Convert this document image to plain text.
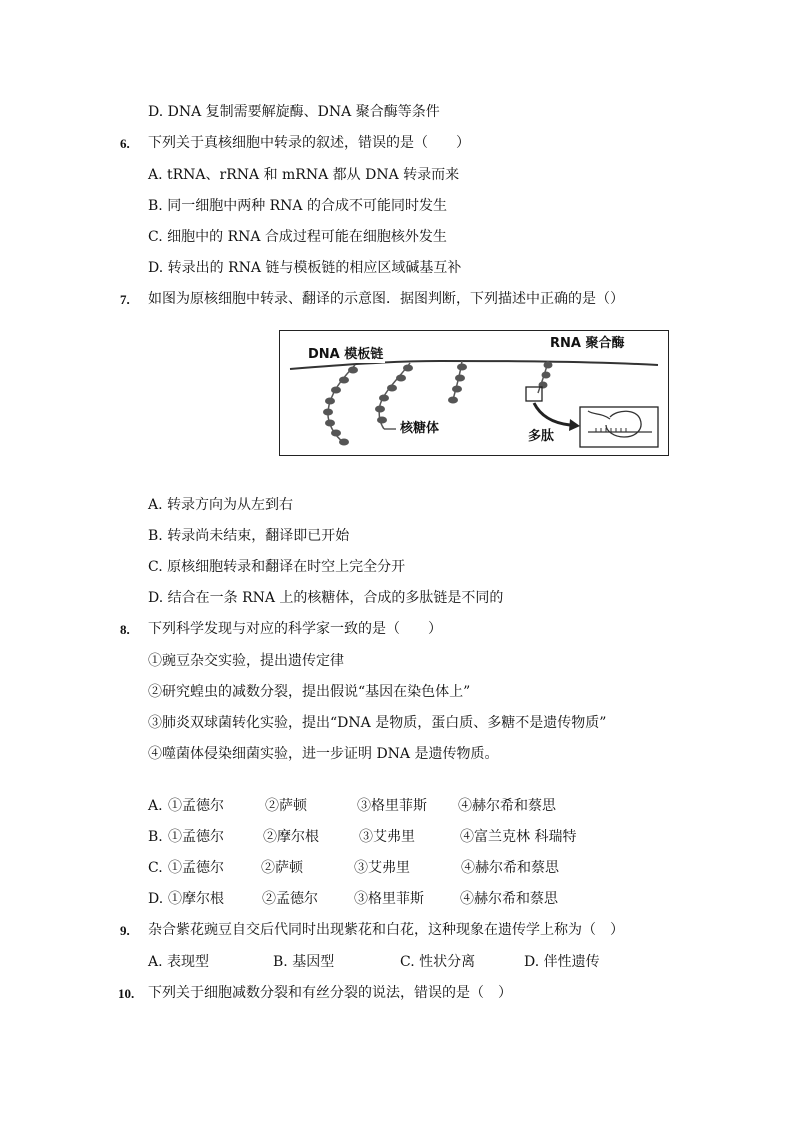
D. DNA 复制需要解旋酶、DNA 聚合酶等条件
6. 下列关于真核细胞中转录的叙述，错误的是（　　）
A. tRNA、rRNA 和 mRNA 都从 DNA 转录而来
B. 同一细胞中两种 RNA 的合成不可能同时发生
C. 细胞中的 RNA 合成过程可能在细胞核外发生
D. 转录出的 RNA 链与模板链的相应区域碱基互补
7. 如图为原核细胞中转录、翻译的示意图．据图判断，下列描述中正确的是（）
DNA 模板链
RNA 聚合酶
核糖体
多肽
A. 转录方向为从左到右
B. 转录尚未结束，翻译即已开始
C. 原核细胞转录和翻译在时空上完全分开
D. 结合在一条 RNA 上的核糖体，合成的多肽链是不同的
8. 下列科学发现与对应的科学家一致的是（　　）
①豌豆杂交实验，提出遗传定律
②研究蝗虫的减数分裂，提出假说“基因在染色体上”
③肺炎双球菌转化实验，提出“DNA 是物质，蛋白质、多糖不是遗传物质”
④噬菌体侵染细菌实验，进一步证明 DNA 是遗传物质。
A. ①孟德尔	②萨顿	③格里菲斯 ④赫尔希和蔡思
B. ①孟德尔	②摩尔根	③艾弗里	④富兰克林 科瑞特
C. ①孟德尔	②萨顿	③艾弗里	④赫尔希和蔡思
D. ①摩尔根	②孟德尔	③格里菲斯	④赫尔希和蔡思
9. 杂合紫花豌豆自交后代同时出现紫花和白花，这种现象在遗传学上称为（　）
A. 表现型	B. 基因型	C. 性状分离	D. 伴性遗传
10. 下列关于细胞减数分裂和有丝分裂的说法，错误的是（　）
